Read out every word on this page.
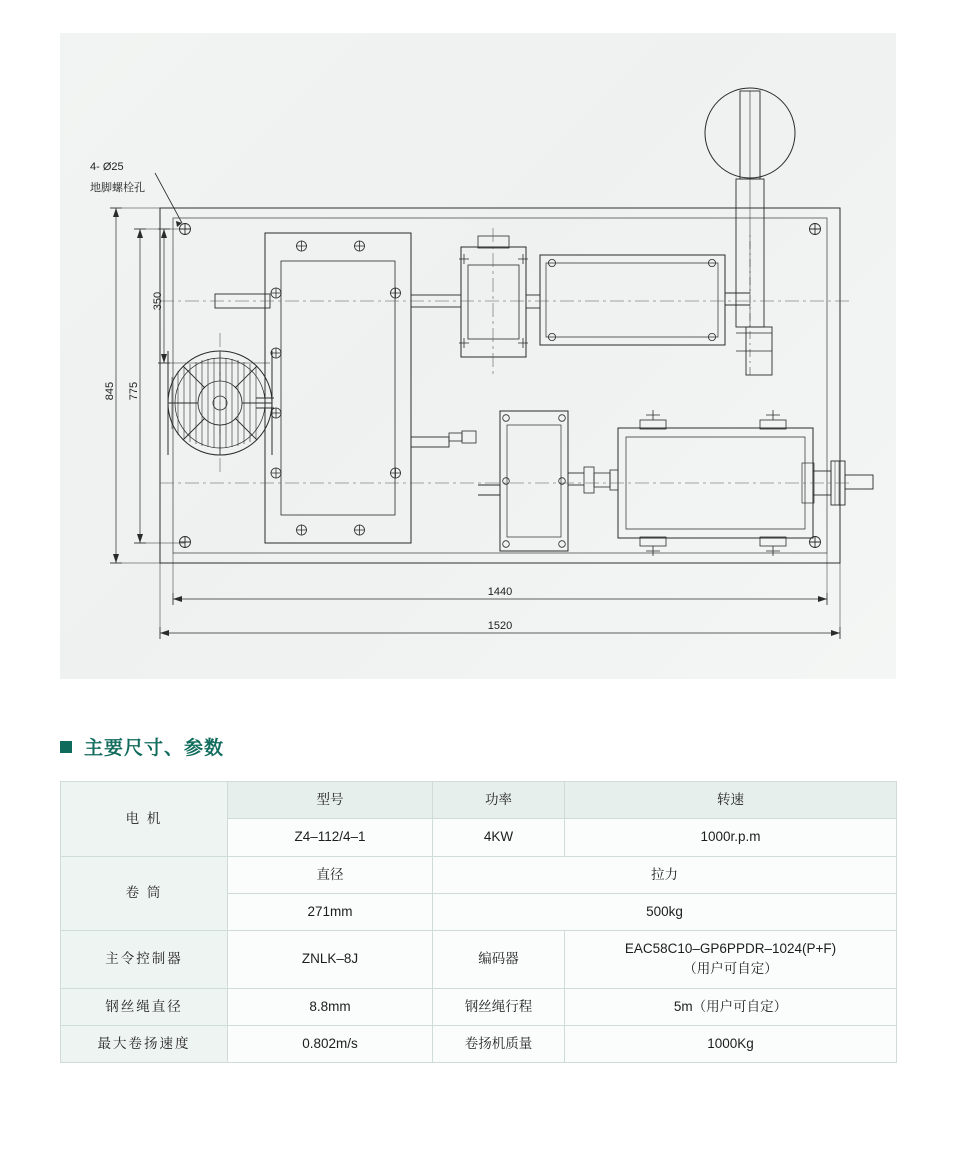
4- Ø25
地脚螺栓孔
845 775
350
1440
1520
主要尺寸、参数
电 机	型号	功率	转速
	Z4–112/4–1	4KW	1000r.p.m
卷 筒	直径	拉力	
	271mm	500kg	
主令控制器	ZNLK–8J	编码器	EAC58C10–GP6PPDR–1024(P+F)
（用户可自定）

钢丝绳直径	8.8mm	钢丝绳行程	5m（用户可自定）
最大卷扬速度	0.802m/s	卷扬机质量	1000Kg
